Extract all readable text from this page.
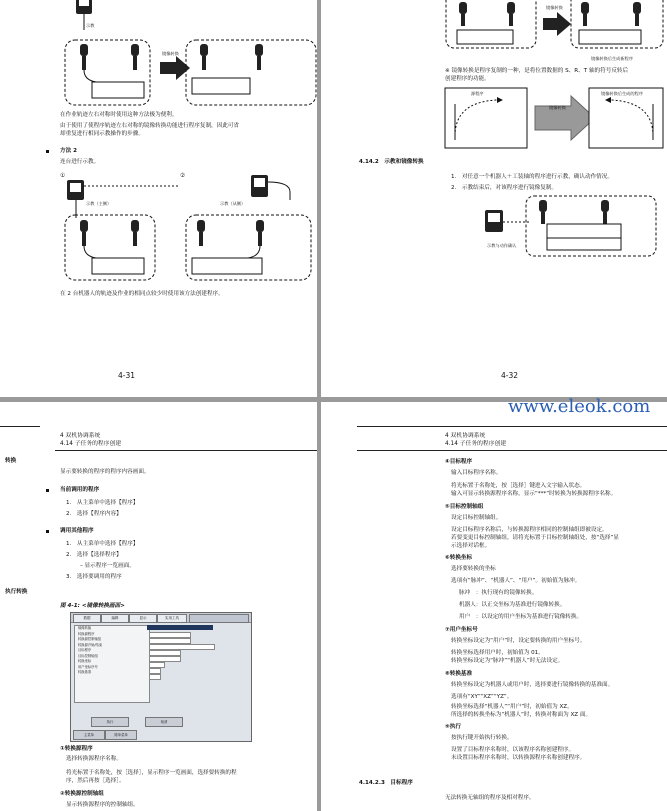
示教
镜像转换
在作业轨迹左右对称时使用这种方法极为便利。
由于使用了使程序轨迹左右对称的镜像转换功能进行程序复制，因此可省
却重复进行相同示教操作的步骤。
方法 2
连台进行示教。
①	②
示教（主侧）	示教（从侧）
在 2 台机器人的轨迹及作业的相同点较少时使用该方法创建程序。
4-31
镜像转换
镜像转换后生成新程序
※ 镜像转换是程序复制的一种，是将位置数据的 S、R、T 轴的符号反转后
创建程序的功能。
源程序
镜像转换
镜像转换后生成的程序
4.14.2　示教和镜像转换
1.　对任意一个机器人＋工装轴的程序进行示教，确认动作情况。
2.　示教结束后，对该程序进行镜像复制。
示教与动作确认
4-32
4 双机协调系统
4.14 子任务的程序创建
转换
显示要转换的程序的程序内容画面。
当前调用的程序
1.　从主菜单中选择【程序】
2.　选择【程序内容】
调用其他程序
1.　从主菜单中选择【程序】
2.　选择【选择程序】
– 显示程序一览画面。
3.　选择要调用的程序
执行转换
图 4-1: <镜像转换画面>
数据	编辑	显示	实用工具
镜像转换
转换源程序
转换源控制轴组
转换源开始/结束
目标程序
目标控制轴组
转换坐标
用户坐标序号
转换基准
执行	取消
主菜单	简单菜单
①转换源程序
选择转换源程序名称。
将光标置于名称处，按［选择］，显示程序一览画面，选择要转换的程
序，然后再按［选择］。
②转换源控制轴组
显示转换源程序的控制轴组。
4 双机协调系统
4.14 子任务的程序创建
④目标程序
输入目标程序名称。
将光标置于名称处，按［选择］键进入文字输入状态。
输入可显示转换源程序名称，显示“***”时转换为转换源程序名称。
⑤目标控制轴组
设定目标控制轴组。
设定目标程序名称后，与转换源程序相同的控制轴组即被设定。
若要变更目标控制轴组，请将光标置于目标控制轴组处，按“选择”显
示选择对话框。
⑥转换坐标
选择要转换的坐标
选项有“脉冲”、“机器人”、“用户”。初始值为脉冲。
脉冲　：执行现有的镜像转换。
机器人：以正交坐标为基准进行镜像转换。
用户　：以设定的用户坐标为基准进行镜像转换。
⑦用户坐标号
转换坐标设定为“用户”时，设定要转换的用户坐标号。
转换坐标选择用户时，初始值为 01。
转换坐标设定为“脉冲”“机器人”时无法设定。
⑧转换基准
转换坐标设定为机器人或用户时，选择要进行镜像转换的基准面。
选项有“XY”“XZ”“YZ”。
转换坐标选择“机器人”“用户”时，初始值为 XZ。
所选择的转换坐标为“机器人”时，转换对称面为 XZ 面。
⑨执行
按执行键开始执行转换。
设置了目标程序名称时，以该程序名称创建程序。
未设置目标程序名称时，以转换源程序名称创建程序。
4.14.2.3　目标程序
无法转换无轴组的程序及相对程序。
www.eleok.com
